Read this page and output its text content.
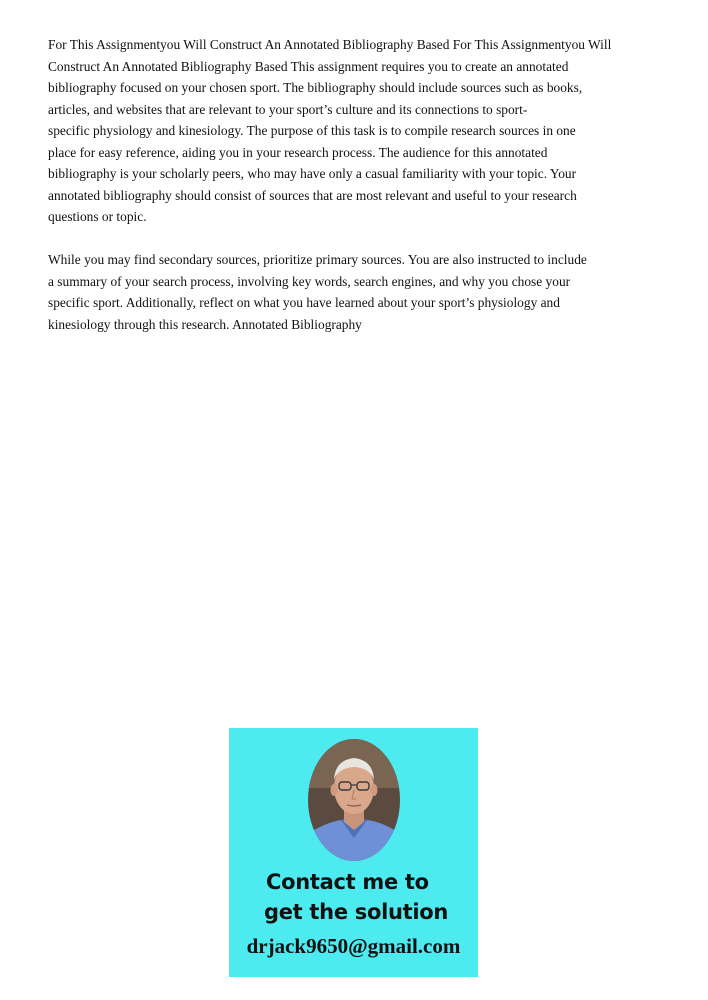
For This Assignmentyou Will Construct An Annotated Bibliography Based For This Assignmentyou Will
Construct An Annotated Bibliography Based This assignment requires you to create an annotated
bibliography focused on your chosen sport. The bibliography should include sources such as books,
articles, and websites that are relevant to your sport’s culture and its connections to sport-
specific physiology and kinesiology. The purpose of this task is to compile research sources in one
place for easy reference, aiding you in your research process. The audience for this annotated
bibliography is your scholarly peers, who may have only a casual familiarity with your topic. Your
annotated bibliography should consist of sources that are most relevant and useful to your research
questions or topic.

While you may find secondary sources, prioritize primary sources. You are also instructed to include
a summary of your search process, involving key words, search engines, and why you chose your
specific sport. Additionally, reflect on what you have learned about your sport’s physiology and
kinesiology through this research. Annotated Bibliography

Contact me to
get the solution
drjack9650@gmail.com
